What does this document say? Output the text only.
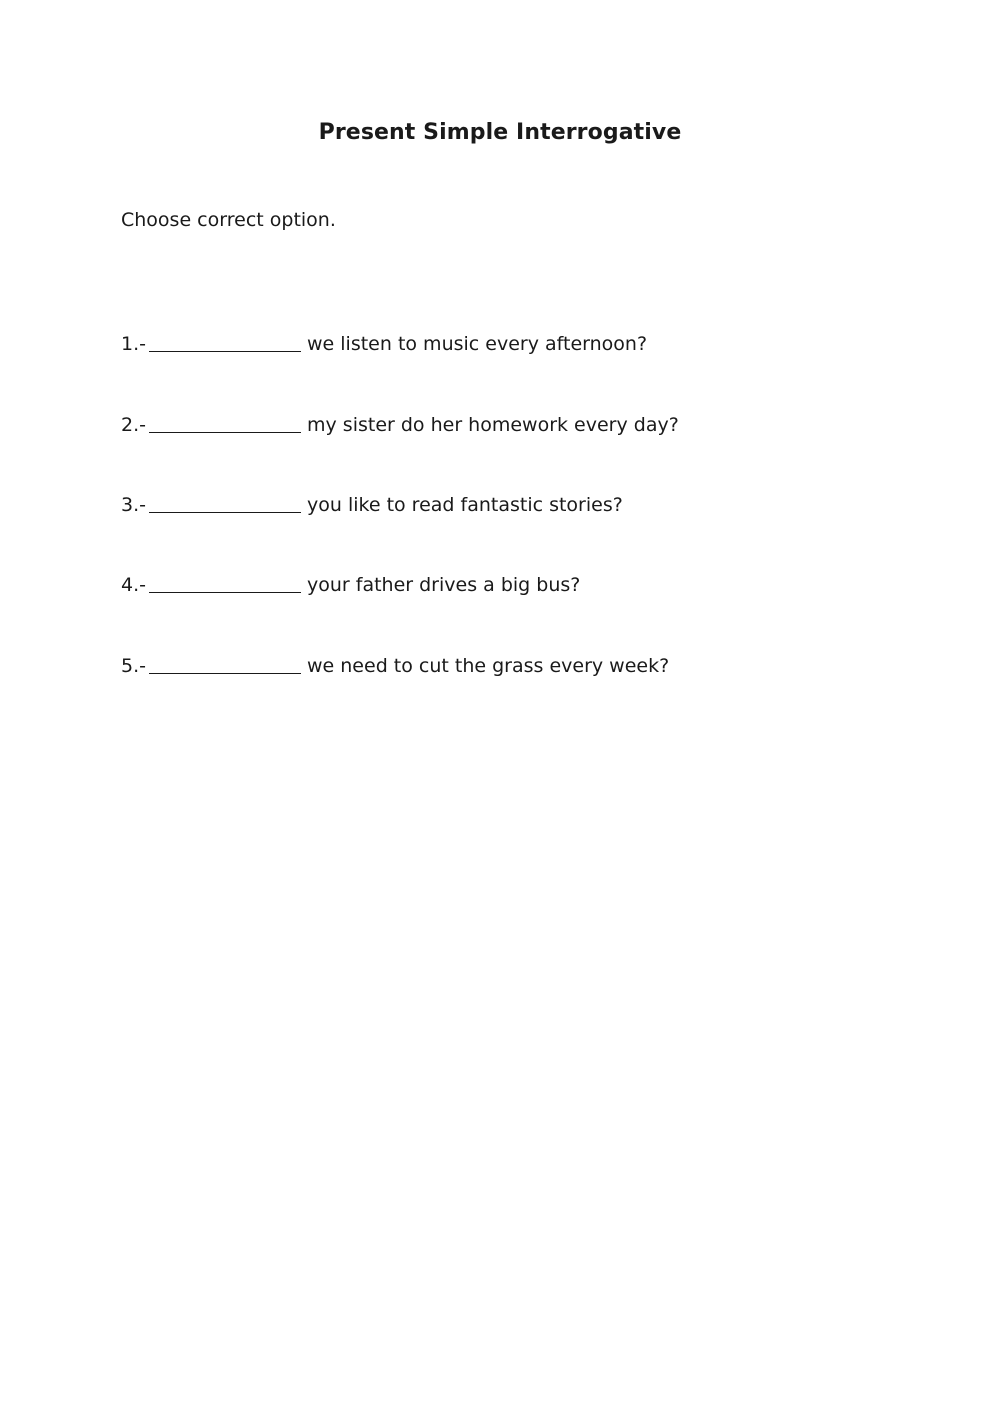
Present Simple Interrogative
Choose correct option.
1.-	we listen to music every afternoon?
2.-	my sister do her homework every day?
3.-	you like to read fantastic stories?
4.-	your father drives a big bus?
5.-	we need to cut the grass every week?
